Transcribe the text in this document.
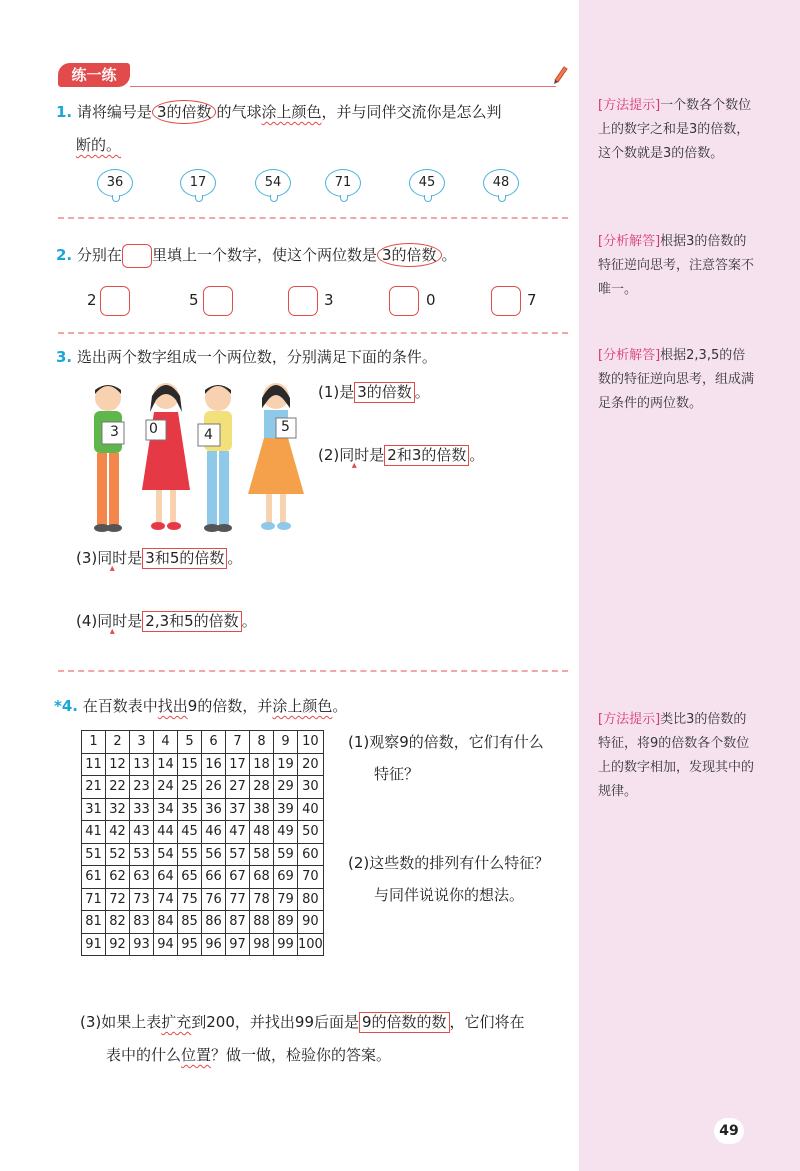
练一练
1. 请将编号是 3的倍数 的气球涂上颜色，并与同伴交流你是怎么判
断的。
36	17	54	71	45	48
2. 分别在 里填上一个数字，使这个两位数是 3的倍数 。
2	5	3	0	7
3. 选出两个数字组成一个两位数，分别满足下面的条件。
3 0	4	5
(1)是 3的倍数 。
(2)同时 ▴是 2和3的倍数 。
(3)同时 ▴是 3和5的倍数 。
(4)同时 ▴是 2,3和5的倍数 。
*4. 在百数表中找出9的倍数，并涂上颜色。
1	2	3	4	5	6	7	8	9	10
11	12	13	14	15	16	17	18	19	20
21	22	23	24	25	26	27	28	29	30
31	32	33	34	35	36	37	38	39	40
41	42	43	44	45	46	47	48	49	50
51	52	53	54	55	56	57	58	59	60
61	62	63	64	65	66	67	68	69	70
71	72	73	74	75	76	77	78	79	80
81	82	83	84	85	86	87	88	89	90
91	92	93	94	95	96	97	98	99	100
(1)观察9的倍数，它们有什么
特征？
(2)这些数的排列有什么特征？
与同伴说说你的想法。
(3)如果上表扩充到200，并找出99后面是 9的倍数的数 ，它们将在
表中的什么位置？做一做，检验你的答案。
[方法提示]一个数各个数位上的数字之和是3的倍数，这个数就是3的倍数。
[分析解答]根据3的倍数的特征逆向思考，注意答案不唯一。
[分析解答]根据2,3,5的倍数的特征逆向思考，组成满足条件的两位数。
[方法提示]类比3的倍数的特征，将9的倍数各个数位上的数字相加，发现其中的规律。
49
